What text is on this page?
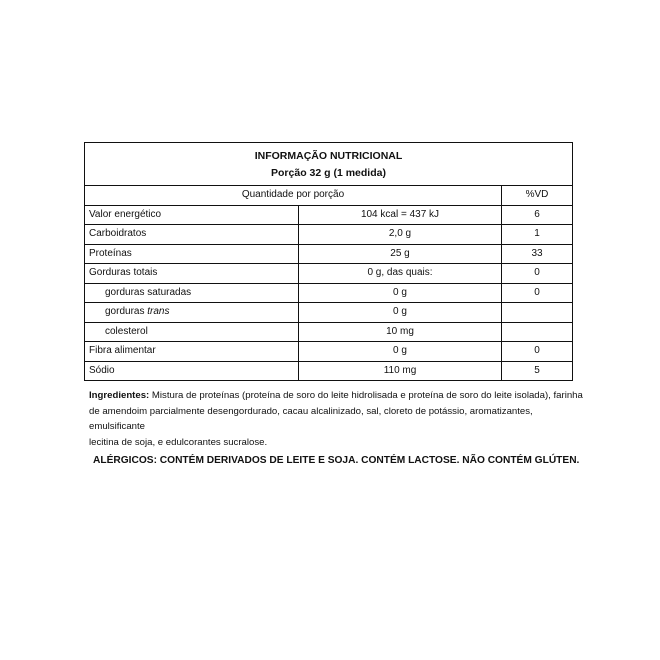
INFORMAÇÃO NUTRICIONAL
Porção 32 g (1 medida)
Quantidade por porção		%VD
Valor energético	104 kcal = 437 kJ	6
Carboidratos	2,0 g	1
Proteínas	25 g	33
Gorduras totais	0 g, das quais:	0
gorduras saturadas	0 g	0
gorduras trans	0 g	
colesterol	10 mg	
Fibra alimentar	0 g	0
Sódio	110 mg	5
Ingredientes: Mistura de proteínas (proteína de soro do leite hidrolisada e proteína de soro do leite isolada), farinha
de amendoim parcialmente desengordurado, cacau alcalinizado, sal, cloreto de potássio, aromatizantes, emulsificante
lecitina de soja, e edulcorantes sucralose.
ALÉRGICOS: CONTÉM DERIVADOS DE LEITE E SOJA. CONTÉM LACTOSE. NÃO CONTÉM GLÚTEN.
